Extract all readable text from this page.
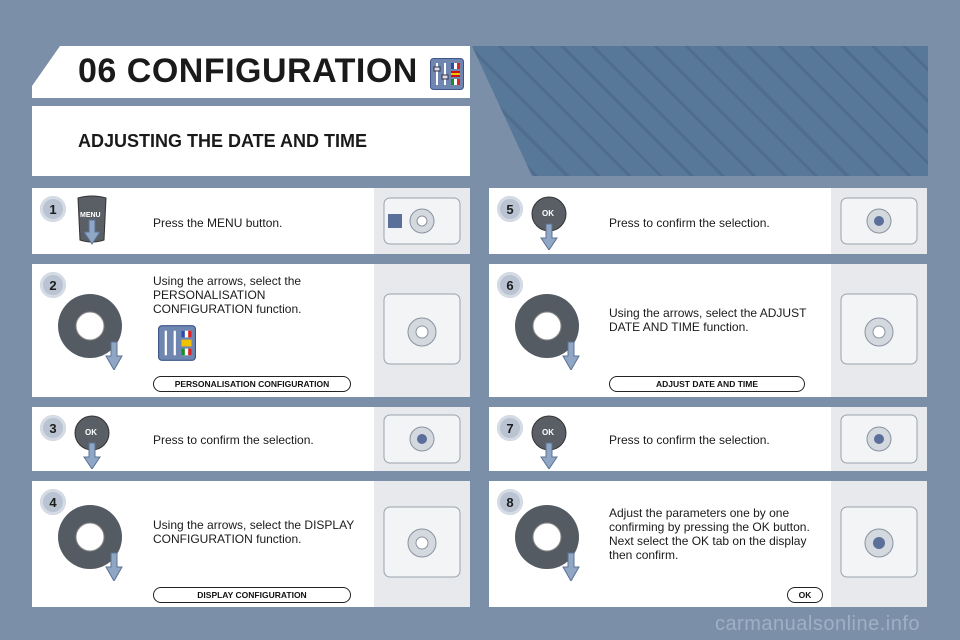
06 CONFIGURATION
ADJUSTING THE DATE AND TIME
1	MENU
Press the MENU button.
2	Using the arrows, select the PERSONALISATION CONFIGURATION function.
PERSONALISATION CONFIGURATION
3	OK
Press to confirm the selection.
4
Using the arrows, select the DISPLAY CONFIGURATION function.
DISPLAY CONFIGURATION
5	OK
Press to confirm the selection.
6
Using the arrows, select the ADJUST DATE AND TIME function.
ADJUST DATE AND TIME
7	OK
Press to confirm the selection.
8
Adjust the parameters one by one confirming by pressing the OK button. Next select the OK tab on the display then confirm.
OK
carmanualsonline.info
